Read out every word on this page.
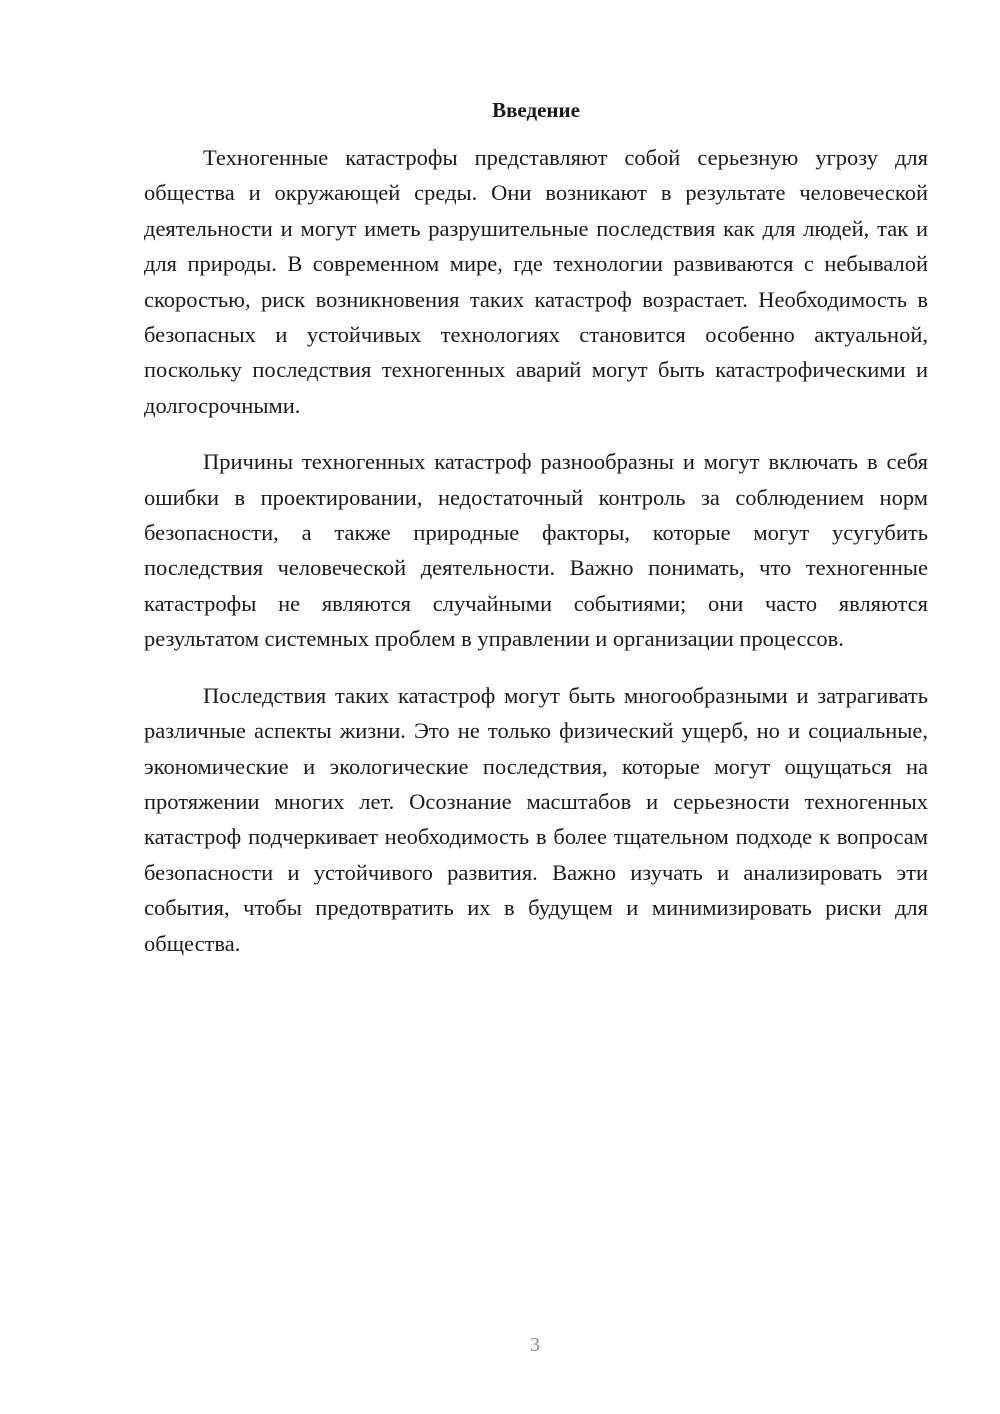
Введение

Техногенные катастрофы представляют собой серьезную угрозу для общества и окружающей среды. Они возникают в результате человеческой деятельности и могут иметь разрушительные последствия как для людей, так и для природы. В современном мире, где технологии развиваются с небывалой скоростью, риск возникновения таких катастроф возрастает. Необходимость в безопасных и устойчивых технологиях становится особенно актуальной, поскольку последствия техногенных аварий могут быть катастрофическими и долгосрочными.

Причины техногенных катастроф разнообразны и могут включать в себя ошибки в проектировании, недостаточный контроль за соблюдением норм безопасности, а также природные факторы, которые могут усугубить последствия человеческой деятельности. Важно понимать, что техногенные катастрофы не являются случайными событиями; они часто являются результатом системных проблем в управлении и организации процессов.

Последствия таких катастроф могут быть многообразными и затрагивать различные аспекты жизни. Это не только физический ущерб, но и социальные, экономические и экологические последствия, которые могут ощущаться на протяжении многих лет. Осознание масштабов и серьезности техногенных катастроф подчеркивает необходимость в более тщательном подходе к вопросам безопасности и устойчивого развития. Важно изучать и анализировать эти события, чтобы предотвратить их в будущем и минимизировать риски для общества.

3
